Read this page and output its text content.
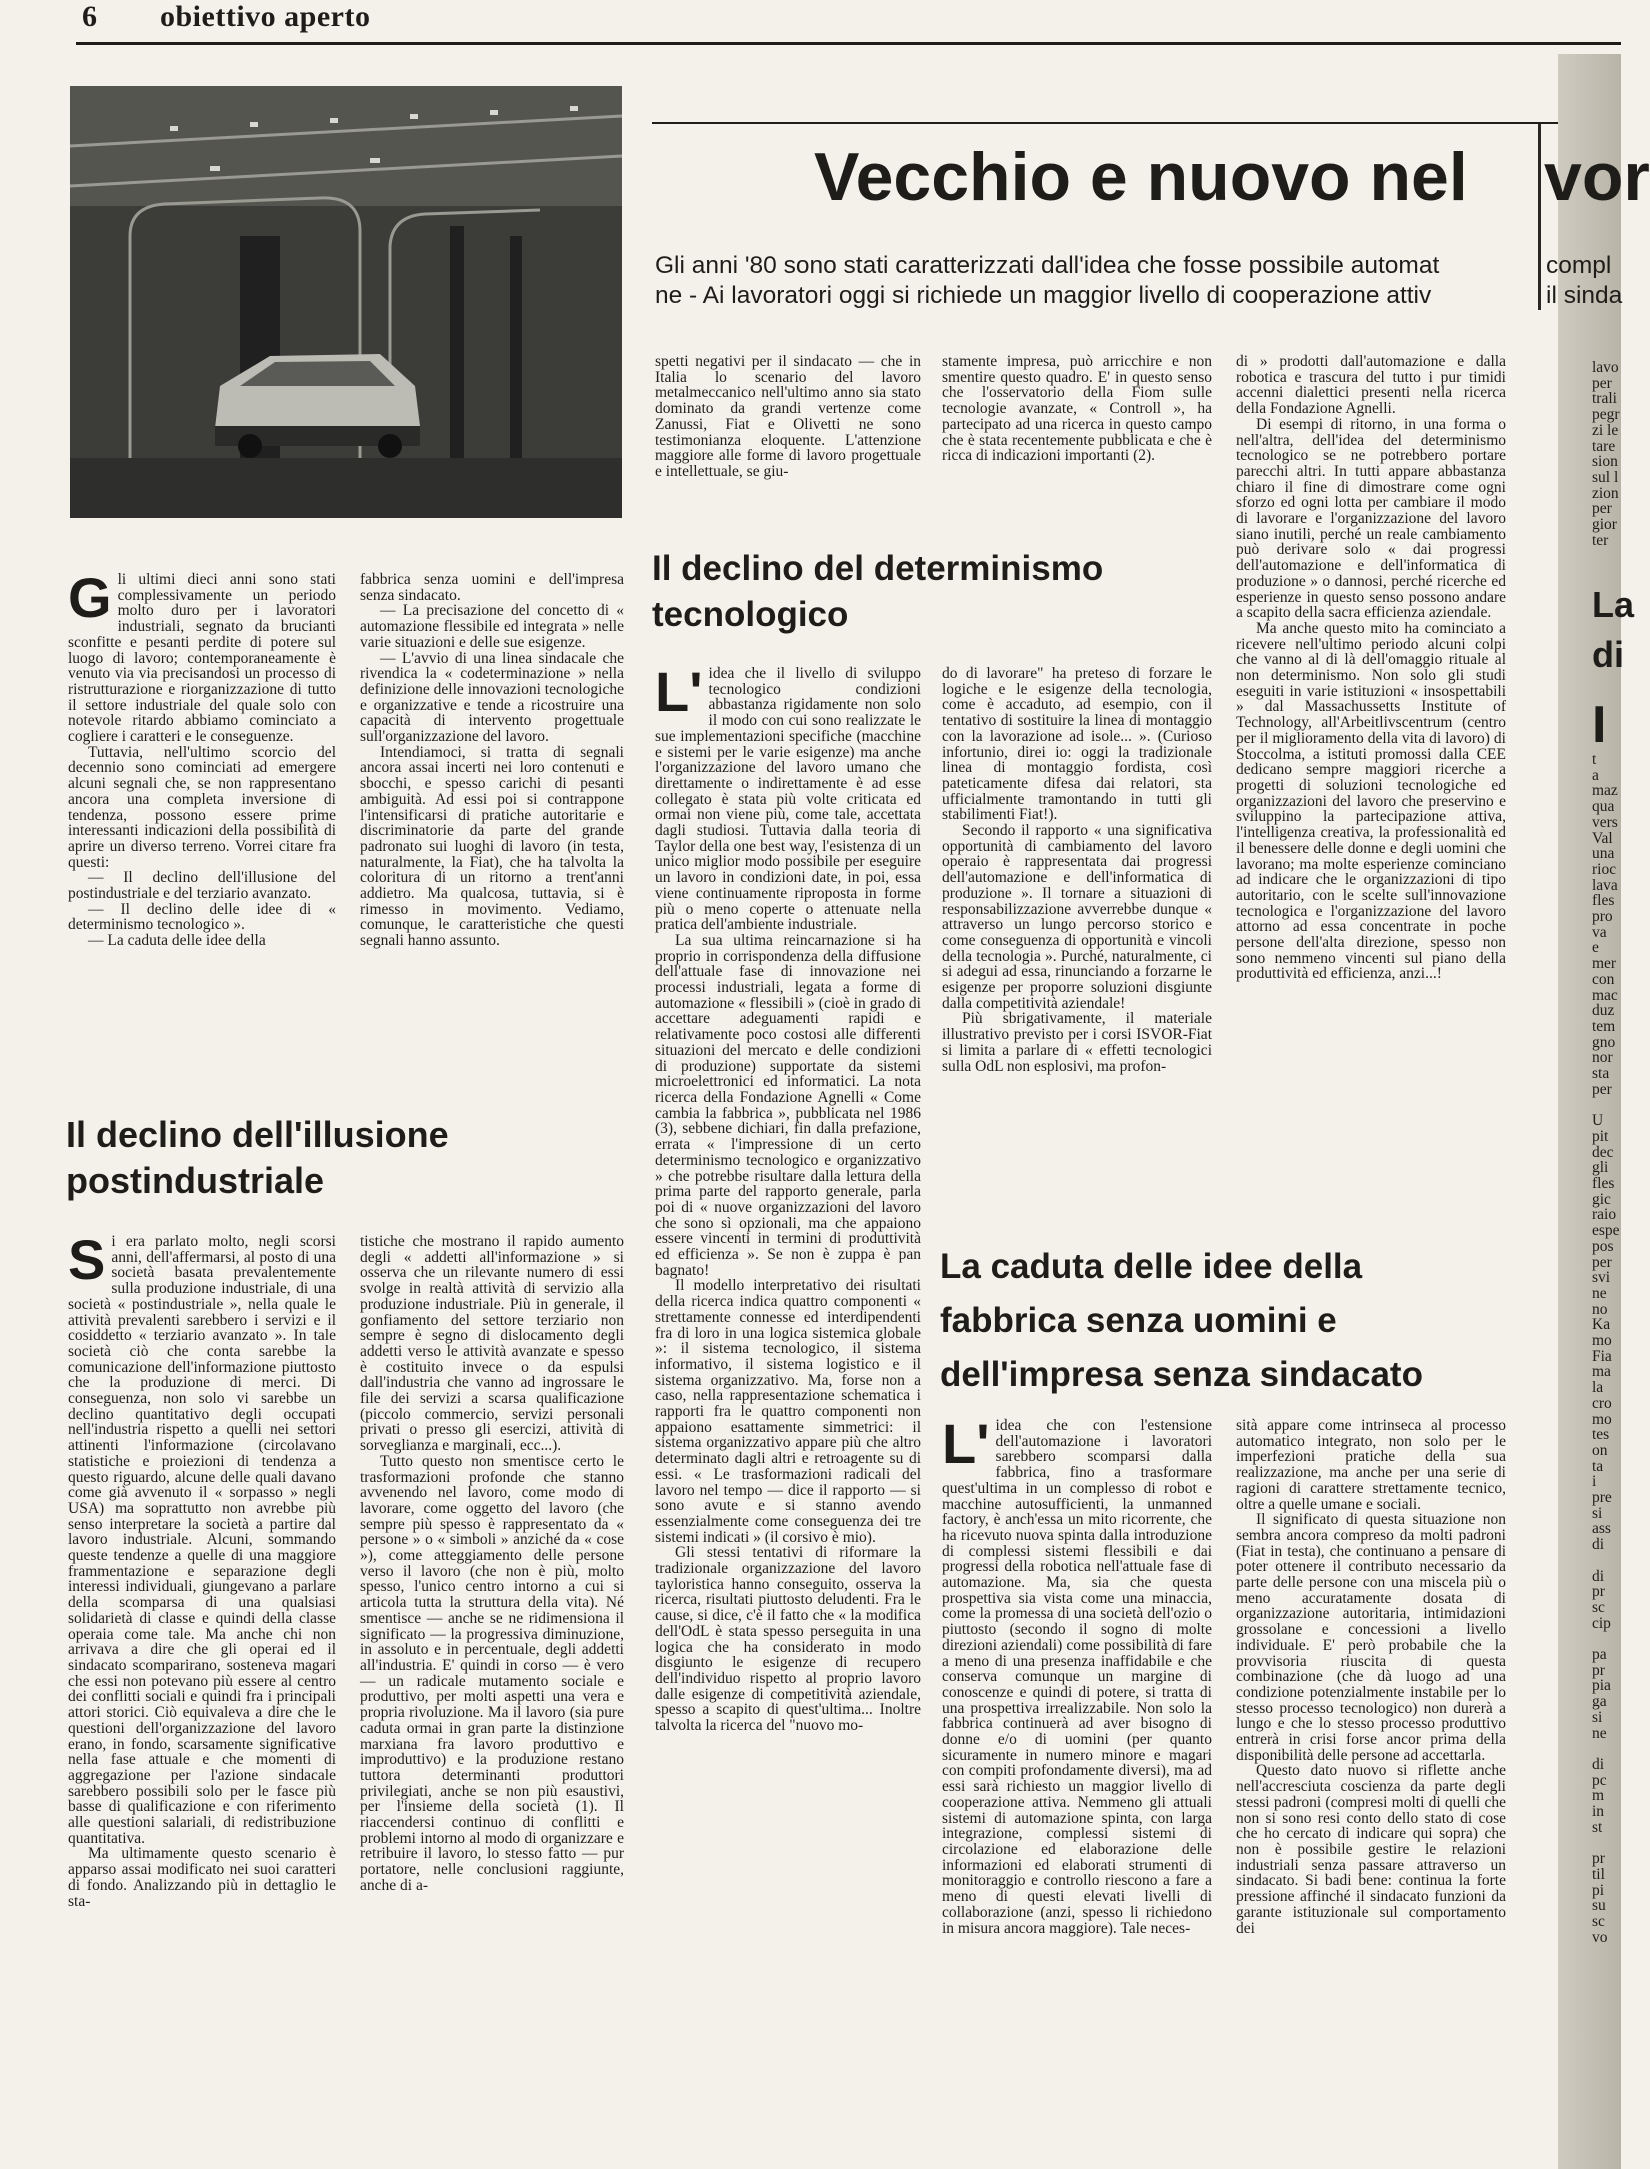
6 obiettivo aperto
Vecchio e nuovo nel vor
Gli anni '80 sono stati caratterizzati dall'idea che fosse possibile automat
ne - Ai lavoratori oggi si richiede un maggior livello di cooperazione attiv
compl
il sinda

Gli ultimi dieci anni sono stati complessivamente un periodo molto duro per i lavoratori industriali, segnato da brucianti sconfitte e pesanti perdite di potere sul luogo di lavoro; contemporaneamente è venuto via via precisandosi un processo di ristrutturazione e riorganizzazione di tutto il settore industriale del quale solo con notevole ritardo abbiamo cominciato a cogliere i caratteri e le conseguenze.

Tuttavia, nell'ultimo scorcio del decennio sono cominciati ad emergere alcuni segnali che, se non rappresentano ancora una completa inversione di tendenza, possono essere prime interessanti indicazioni della possibilità di aprire un diverso terreno. Vorrei citare fra questi:

— Il declino dell'illusione del postindustriale e del terziario avanzato.

— Il declino delle idee di « determinismo tecnologico ».

— La caduta delle idee della

fabbrica senza uomini e dell'impresa senza sindacato.

— La precisazione del concetto di « automazione flessibile ed integrata » nelle varie situazioni e delle sue esigenze.

— L'avvio di una linea sindacale che rivendica la « codeterminazione » nella definizione delle innovazioni tecnologiche e organizzative e tende a ricostruire una capacità di intervento progettuale sull'organizzazione del lavoro.

Intendiamoci, si tratta di segnali ancora assai incerti nei loro contenuti e sbocchi, e spesso carichi di pesanti ambiguità. Ad essi poi si contrappone l'intensificarsi di pratiche autoritarie e discriminatorie da parte del grande padronato sui luoghi di lavoro (in testa, naturalmente, la Fiat), che ha talvolta la coloritura di un ritorno a trent'anni addietro. Ma qualcosa, tuttavia, si è rimesso in movimento. Vediamo, comunque, le caratteristiche che questi segnali hanno assunto.

Il declino dell'illusione postindustriale

Si era parlato molto, negli scorsi anni, dell'affermarsi, al posto di una società basata prevalentemente sulla produzione industriale, di una società « postindustriale », nella quale le attività prevalenti sarebbero i servizi e il cosiddetto « terziario avanzato ». In tale società ciò che conta sarebbe la comunicazione dell'informazione piuttosto che la produzione di merci. Di conseguenza, non solo vi sarebbe un declino quantitativo degli occupati nell'industria rispetto a quelli nei settori attinenti l'informazione (circolavano statistiche e proiezioni di tendenza a questo riguardo, alcune delle quali davano come già avvenuto il « sorpasso » negli USA) ma soprattutto non avrebbe più senso interpretare la società a partire dal lavoro industriale. Alcuni, sommando queste tendenze a quelle di una maggiore frammentazione e separazione degli interessi individuali, giungevano a parlare della scomparsa di una qualsiasi solidarietà di classe e quindi della classe operaia come tale. Ma anche chi non arrivava a dire che gli operai ed il sindacato scomparirano, sosteneva magari che essi non potevano più essere al centro dei conflitti sociali e quindi fra i principali attori storici. Ciò equivaleva a dire che le questioni dell'organizzazione del lavoro erano, in fondo, scarsamente significative nella fase attuale e che momenti di aggregazione per l'azione sindacale sarebbero possibili solo per le fasce più basse di qualificazione e con riferimento alle questioni salariali, di redistribuzione quantitativa.

Ma ultimamente questo scenario è apparso assai modificato nei suoi caratteri di fondo. Analizzando più in dettaglio le sta-

tistiche che mostrano il rapido aumento degli « addetti all'informazione » si osserva che un rilevante numero di essi svolge in realtà attività di servizio alla produzione industriale. Più in generale, il gonfiamento del settore terziario non sempre è segno di dislocamento degli addetti verso le attività avanzate e spesso è costituito invece o da espulsi dall'industria che vanno ad ingrossare le file dei servizi a scarsa qualificazione (piccolo commercio, servizi personali privati o presso gli esercizi, attività di sorveglianza e marginali, ecc...).

Tutto questo non smentisce certo le trasformazioni profonde che stanno avvenendo nel lavoro, come modo di lavorare, come oggetto del lavoro (che sempre più spesso è rappresentato da « persone » o « simboli » anziché da « cose »), come atteggiamento delle persone verso il lavoro (che non è più, molto spesso, l'unico centro intorno a cui si articola tutta la struttura della vita). Né smentisce — anche se ne ridimensiona il significato — la progressiva diminuzione, in assoluto e in percentuale, degli addetti all'industria. E' quindi in corso — è vero — un radicale mutamento sociale e produttivo, per molti aspetti una vera e propria rivoluzione. Ma il lavoro (sia pure caduta ormai in gran parte la distinzione marxiana fra lavoro produttivo e improduttivo) e la produzione restano tuttora determinanti produttori privilegiati, anche se non più esaustivi, per l'insieme della società (1). Il riaccendersi continuo di conflitti e problemi intorno al modo di organizzare e retribuire il lavoro, lo stesso fatto — pur portatore, nelle conclusioni raggiunte, anche di a-

spetti negativi per il sindacato — che in Italia lo scenario del lavoro metalmeccanico nell'ultimo anno sia stato dominato da grandi vertenze come Zanussi, Fiat e Olivetti ne sono testimonianza eloquente. L'attenzione maggiore alle forme di lavoro progettuale e intellettuale, se giu-
stamente impresa, può arricchire e non smentire questo quadro. E' in questo senso che l'osservatorio della Fiom sulle tecnologie avanzate, « Controll », ha partecipato ad una ricerca in questo campo che è stata recentemente pubblicata e che è ricca di indicazioni importanti (2).
Il declino del determinismo tecnologico

L' idea che il livello di sviluppo tecnologico condizioni abbastanza rigidamente non solo il modo con cui sono realizzate le sue implementazioni specifiche (macchine e sistemi per le varie esigenze) ma anche l'organizzazione del lavoro umano che direttamente o indirettamente è ad esse collegato è stata più volte criticata ed ormai non viene più, come tale, accettata dagli studiosi. Tuttavia dalla teoria di Taylor della one best way, l'esistenza di un unico miglior modo possibile per eseguire un lavoro in condizioni date, in poi, essa viene continuamente riproposta in forme più o meno coperte o attenuate nella pratica dell'ambiente industriale.

La sua ultima reincarnazione si ha proprio in corrispondenza della diffusione dell'attuale fase di innovazione nei processi industriali, legata a forme di automazione « flessibili » (cioè in grado di accettare adeguamenti rapidi e relativamente poco costosi alle differenti situazioni del mercato e delle condizioni di produzione) supportate da sistemi microelettronici ed informatici. La nota ricerca della Fondazione Agnelli « Come cambia la fabbrica », pubblicata nel 1986 (3), sebbene dichiari, fin dalla prefazione, errata « l'impressione di un certo determinismo tecnologico e organizzativo » che potrebbe risultare dalla lettura della prima parte del rapporto generale, parla poi di « nuove organizzazioni del lavoro che sono sì opzionali, ma che appaiono essere vincenti in termini di produttività ed efficienza ». Se non è zuppa è pan bagnato!

Il modello interpretativo dei risultati della ricerca indica quattro componenti « strettamente connesse ed interdipendenti fra di loro in una logica sistemica globale »: il sistema tecnologico, il sistema informativo, il sistema logistico e il sistema organizzativo. Ma, forse non a caso, nella rappresentazione schematica i rapporti fra le quattro componenti non appaiono esattamente simmetrici: il sistema organizzativo appare più che altro determinato dagli altri e retroagente su di essi. « Le trasformazioni radicali del lavoro nel tempo — dice il rapporto — si sono avute e si stanno avendo essenzialmente come conseguenza dei tre sistemi indicati » (il corsivo è mio).

Gli stessi tentativi di riformare la tradizionale organizzazione del lavoro tayloristica hanno conseguito, osserva la ricerca, risultati piuttosto deludenti. Fra le cause, si dice, c'è il fatto che « la modifica dell'OdL è stata spesso perseguita in una logica che ha considerato in modo disgiunto le esigenze di recupero dell'individuo rispetto al proprio lavoro dalle esigenze di competitività aziendale, spesso a scapito di quest'ultima... Inoltre talvolta la ricerca del "nuovo mo-

do di lavorare" ha preteso di forzare le logiche e le esigenze della tecnologia, come è accaduto, ad esempio, con il tentativo di sostituire la linea di montaggio con la lavorazione ad isole... ». (Curioso infortunio, direi io: oggi la tradizionale linea di montaggio fordista, così pateticamente difesa dai relatori, sta ufficialmente tramontando in tutti gli stabilimenti Fiat!).

Secondo il rapporto « una significativa opportunità di cambiamento del lavoro operaio è rappresentata dai progressi dell'automazione e dell'informatica di produzione ». Il tornare a situazioni di responsabilizzazione avverrebbe dunque « attraverso un lungo percorso storico e come conseguenza di opportunità e vincoli della tecnologia ». Purché, naturalmente, ci si adegui ad essa, rinunciando a forzarne le esigenze per proporre soluzioni disgiunte dalla competitività aziendale!

Più sbrigativamente, il materiale illustrativo previsto per i corsi ISVOR-Fiat si limita a parlare di « effetti tecnologici sulla OdL non esplosivi, ma profon-

di » prodotti dall'automazione e dalla robotica e trascura del tutto i pur timidi accenni dialettici presenti nella ricerca della Fondazione Agnelli.

Di esempi di ritorno, in una forma o nell'altra, dell'idea del determinismo tecnologico se ne potrebbero portare parecchi altri. In tutti appare abbastanza chiaro il fine di dimostrare come ogni sforzo ed ogni lotta per cambiare il modo di lavorare e l'organizzazione del lavoro siano inutili, perché un reale cambiamento può derivare solo « dai progressi dell'automazione e dell'informatica di produzione » o dannosi, perché ricerche ed esperienze in questo senso possono andare a scapito della sacra efficienza aziendale.

Ma anche questo mito ha cominciato a ricevere nell'ultimo periodo alcuni colpi che vanno al di là dell'omaggio rituale al non determinismo. Non solo gli studi eseguiti in varie istituzioni « insospettabili » dal Massachussetts Institute of Technology, all'Arbeitlivscentrum (centro per il miglioramento della vita di lavoro) di Stoccolma, a istituti promossi dalla CEE dedicano sempre maggiori ricerche a progetti di soluzioni tecnologiche ed organizzazioni del lavoro che preservino e sviluppino la partecipazione attiva, l'intelligenza creativa, la professionalità ed il benessere delle donne e degli uomini che lavorano; ma molte esperienze cominciano ad indicare che le organizzazioni di tipo autoritario, con le scelte sull'innovazione tecnologica e l'organizzazione del lavoro attorno ad essa concentrate in poche persone dell'alta direzione, spesso non sono nemmeno vincenti sul piano della produttività ed efficienza, anzi...!

La caduta delle idee della
fabbrica senza uomini e
dell'impresa senza sindacato

L' idea che con l'estensione dell'automazione i lavoratori sarebbero scomparsi dalla fabbrica, fino a trasformare quest'ultima in un complesso di robot e macchine autosufficienti, la unmanned factory, è anch'essa un mito ricorrente, che ha ricevuto nuova spinta dalla introduzione di complessi sistemi flessibili e dai progressi della robotica nell'attuale fase di automazione. Ma, sia che questa prospettiva sia vista come una minaccia, come la promessa di una società dell'ozio o piuttosto (secondo il sogno di molte direzioni aziendali) come possibilità di fare a meno di una presenza inaffidabile e che conserva comunque un margine di conoscenze e quindi di potere, si tratta di una prospettiva irrealizzabile. Non solo la fabbrica continuerà ad aver bisogno di donne e/o di uomini (per quanto sicuramente in numero minore e magari con compiti profondamente diversi), ma ad essi sarà richiesto un maggior livello di cooperazione attiva. Nemmeno gli attuali sistemi di automazione spinta, con larga integrazione, complessi sistemi di circolazione ed elaborazione delle informazioni ed elaborati strumenti di monitoraggio e controllo riescono a fare a meno di questi elevati livelli di collaborazione (anzi, spesso li richiedono in misura ancora maggiore). Tale neces-

sità appare come intrinseca al processo automatico integrato, non solo per le imperfezioni pratiche della sua realizzazione, ma anche per una serie di ragioni di carattere strettamente tecnico, oltre a quelle umane e sociali.

Il significato di questa situazione non sembra ancora compreso da molti padroni (Fiat in testa), che continuano a pensare di poter ottenere il contributo necessario da parte delle persone con una miscela più o meno accuratamente dosata di organizzazione autoritaria, intimidazioni grossolane e concessioni a livello individuale. E' però probabile che la provvisoria riuscita di questa combinazione (che dà luogo ad una condizione potenzialmente instabile per lo stesso processo tecnologico) non durerà a lungo e che lo stesso processo produttivo entrerà in crisi forse ancor prima della disponibilità delle persone ad accettarla.

Questo dato nuovo si riflette anche nell'accresciuta coscienza da parte degli stessi padroni (compresi molti di quelli che non si sono resi conto dello stato di cose che ho cercato di indicare qui sopra) che non è possibile gestire le relazioni industriali senza passare attraverso un sindacato. Si badi bene: continua la forte pressione affinché il sindacato funzioni da garante istituzionale sul comportamento dei

lavo
per
trali
pegr
zi le
tare
sion
sul l
zion
per
gior
ter
La
di
I
t
a
maz
qua
vers
Val
una
rioc
lava
fles
pro
va
e
mer
con
mac
duz
tem
gno
nor
sta
per

U
pit
dec
gli
fles
gic
raio
espe
pos
per
svi
ne
no
Ka
mo
Fia
ma
la
cro
mo
tes
on
ta
i
pre
si
ass
di

di
pr
sc
cip

pa
pr
pia
ga
si
ne

di
pc
m
in
st

pr
til
pi
su
sc
vo
